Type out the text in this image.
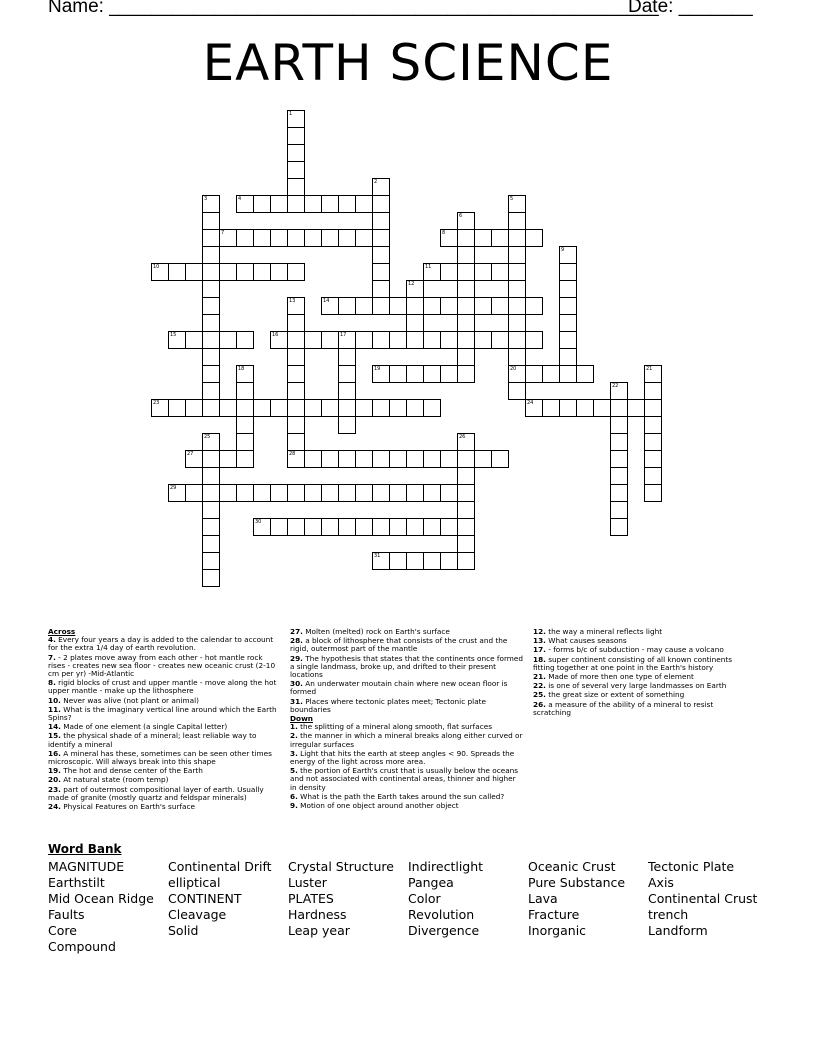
Name: ____________________________________________________
Date: _______
EARTH SCIENCE
4
7	8
10	11
14
15	16	17
19	20
23	24
27	28
29
30
31
1
2
3	5
6
9
12
13
18	21
22
25	26

Across

4. Every four years a day is added to the calendar to account for the extra 1/4 day of earth revolution.

7. - 2 plates move away from each other - hot mantle rock rises - creates new sea floor - creates new oceanic crust (2-10 cm per yr) -Mid-Atlantic

8. rigid blocks of crust and upper mantle - move along the hot upper mantle - make up the lithosphere

10. Never was alive (not plant or animal)

11. What is the imaginary vertical line around which the Earth Spins?

14. Made of one element (a single Capital letter)

15. the physical shade of a mineral; least reliable way to identify a mineral

16. A mineral has these, sometimes can be seen other times microscopic. Will always break into this shape

19. The hot and dense center of the Earth

20. At natural state (room temp)

23. part of outermost compositional layer of earth. Usually made of granite (mostly quartz and feldspar minerals)

24. Physical Features on Earth's surface

27. Molten (melted) rock on Earth's surface

28. a block of lithosphere that consists of the crust and the rigid, outermost part of the mantle

29. The hypothesis that states that the continents once formed a single landmass, broke up, and drifted to their present locations

30. An underwater moutain chain where new ocean floor is formed

31. Places where tectonic plates meet; Tectonic plate boundaries

Down

1. the splitting of a mineral along smooth, flat surfaces

2. the manner in which a mineral breaks along either curved or irregular surfaces

3. Light that hits the earth at steep angles < 90. Spreads the energy of the light across more area.

5. the portion of Earth's crust that is usually below the oceans and not associated with continental areas, thinner and higher in density

6. What is the path the Earth takes around the sun called?

9. Motion of one object around another object

12. the way a mineral reflects light

13. What causes seasons

17. - forms b/c of subduction - may cause a volcano

18. super continent consisting of all known continents fitting together at one point in the Earth's history

21. Made of more then one type of element

22. is one of several very large landmasses on Earth

25. the great size or extent of something

26. a measure of the ability of a mineral to resist scratching

Word Bank
MAGNITUDE	Continental Drift	Crystal Structure	Indirectlight	Oceanic Crust	Tectonic Plate
Earthstilt	elliptical	Luster	Pangea	Pure Substance	Axis
Mid Ocean Ridge	CONTINENT	PLATES	Color	Lava	Continental Crust
Faults	Cleavage	Hardness	Revolution	Fracture	trench
Core	Solid	Leap year	Divergence	Inorganic	Landform
Compound
